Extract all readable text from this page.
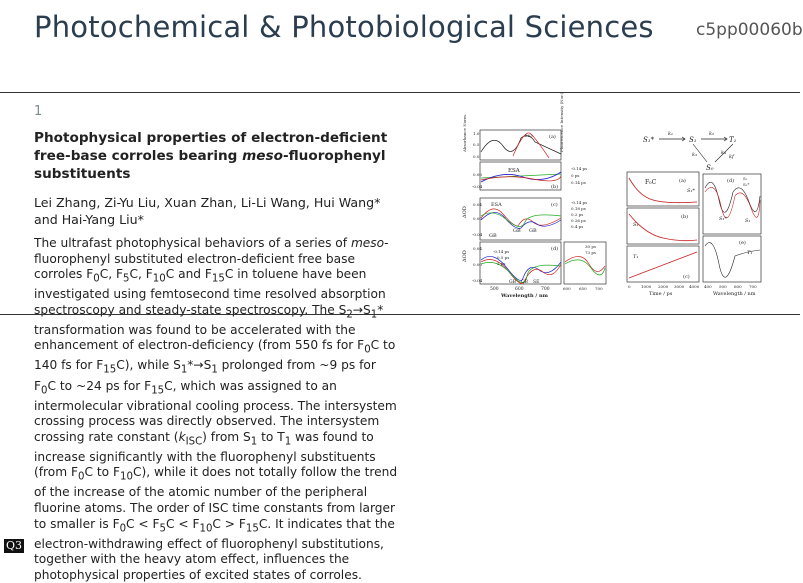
Photochemical & Photobiological Sciences c5pp00060b
1
Photophysical properties of electron-deficient free-base corroles bearing meso-fluorophenyl substituents
Lei Zhang, Zi-Yu Liu, Xuan Zhan, Li-Li Wang, Hui Wang* and Hai-Yang Liu*
The ultrafast photophysical behaviors of a series of meso-fluorophenyl substituted electron-deficient free base corroles $F_0C$, $F_5C$, $F_{10}C$ and $F_{15}C$ in toluene have been investigated using femtosecond time resolved absorption spectroscopy and steady-state spectroscopy. The $S_2\to S_1*$ transformation was found to be accelerated with the enhancement of electron-deficiency (from 550 fs for $F_0C$ to 140 fs for $F_{15}C$), while $S_1*\to S_1$ prolonged from ~9 ps for $F_0C$ to ~24 ps for $F_{15}C$, which was assigned to an intermolecular vibrational cooling process. The intersystem crossing process was directly observed. The intersystem crossing rate constant $(k_{ISC})$ from $S_1$ to $T_1$ was found to increase significantly with the fluorophenyl substituents (from $F_0C$ to $F_{10}C$), while it does not totally follow the trend of the increase of the atomic number of the peripheral fluorine atoms. The order of ISC time constants from larger to smaller is $F_0C < F_5C < F_{10}C > F_{15}C$. It indicates that the electron-withdrawing effect of fluorophenyl substitutions, together with the heavy atom effect, influences the photophysical properties of excited states of corroles.
Q3
Absorbance Norm.	Fluorescence Intensity (Nor.)
ΔOD
ΔOD
1.0
0.5
0.0
563	(a)
0.00
-0.04
ESA
(b)
-0.14 ps
0 ps
0.14 ps
0.04
0.00
-0.04
ESA
GB
GB GB
(c)	-0.14 ps
0.18 ps
0.2 ps
0.26 ps
0.4 ps
0.04
0.00
-0.04
-0.14 ps
0.5 ps
2 ps
GB GB SE
(d)	30 ps
73 ps
500	600	700	600 650 700
Wavelength / nm
S₁*
k₁
S₁
k₂
T₁
k₃	k₄
kf
S₀
F₀C	(a)
S₁*
S₁
(b)
T₁
(c)
0	1000 2000 3000 4000
Time / ps
(d) S₁
S₁*
S₁*	S₁
(e)
T₁
400 500 600 700
Wavelength / nm
